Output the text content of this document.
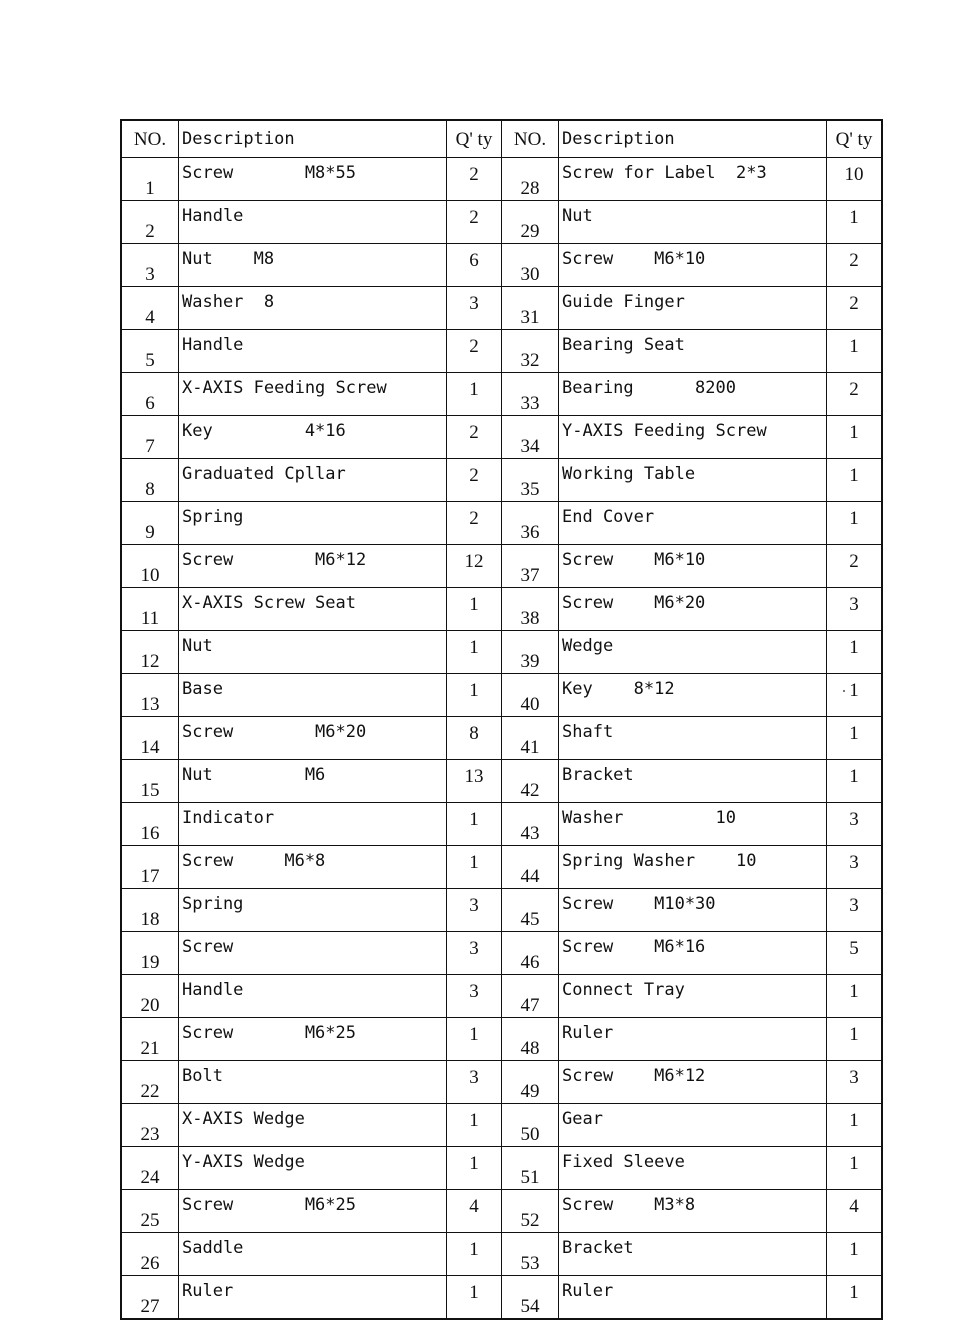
NO.	Description	Q' ty	NO.	Description	Q' ty
1	Screw       M8*55	2	28	Screw for Label  2*3	10
2	Handle	2	29	Nut	1
3	Nut    M8	6	30	Screw    M6*10	2
4	Washer  8	3	31	Guide Finger	2
5	Handle	2	32	Bearing Seat	1
6	X-AXIS Feeding Screw	1	33	Bearing      8200	2
7	Key         4*16	2	34	Y-AXIS Feeding Screw	1
8	Graduated Cpllar	2	35	Working Table	1
9	Spring	2	36	End Cover	1
10	Screw        M6*12	12	37	Screw    M6*10	2
11	X-AXIS Screw Seat	1	38	Screw    M6*20	3
12	Nut	1	39	Wedge	1
13	Base	1	40	Key    8*12	1
14	Screw        M6*20	8	41	Shaft	1
15	Nut         M6	13	42	Bracket	1
16	Indicator	1	43	Washer         10	3
17	Screw     M6*8	1	44	Spring Washer    10	3
18	Spring	3	45	Screw    M10*30	3
19	Screw	3	46	Screw    M6*16	5
20	Handle	3	47	Connect Tray	1
21	Screw       M6*25	1	48	Ruler	1
22	Bolt	3	49	Screw    M6*12	3
23	X-AXIS Wedge	1	50	Gear	1
24	Y-AXIS Wedge	1	51	Fixed Sleeve	1
25	Screw       M6*25	4	52	Screw    M3*8	4
26	Saddle	1	53	Bracket	1
27	Ruler	1	54	Ruler	1
